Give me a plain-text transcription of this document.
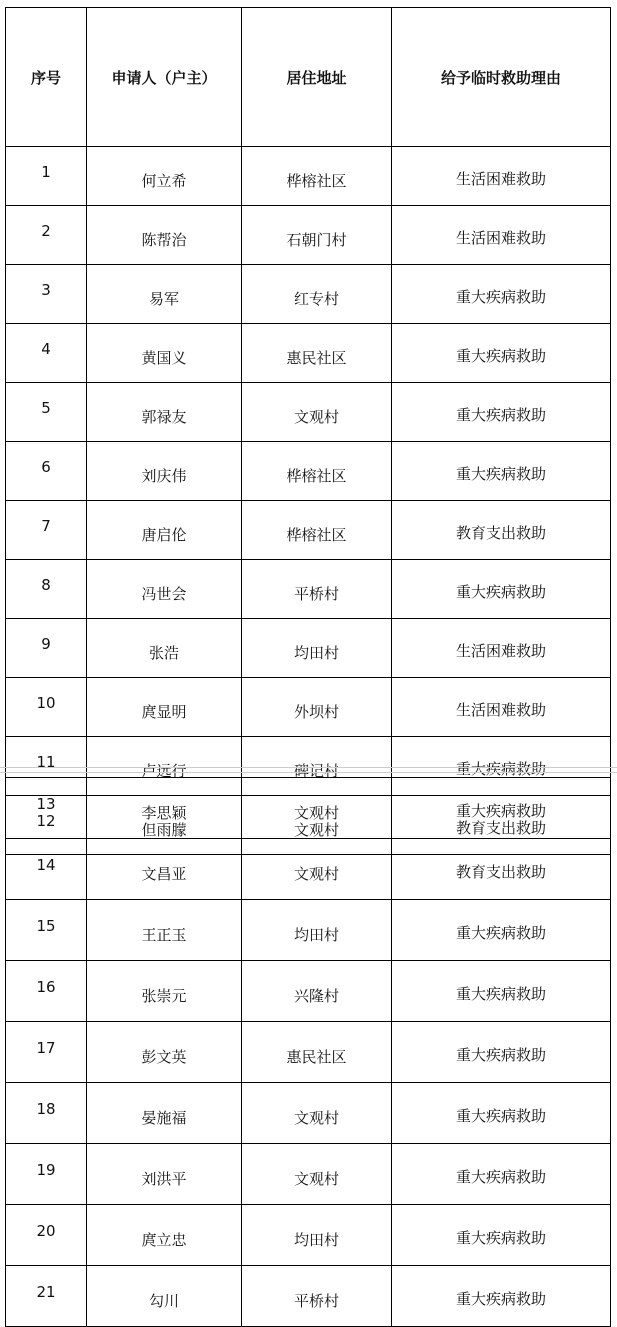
序号	申请人（户主）	居住地址	给予临时救助理由
1	何立希	桦榕社区	生活困难救助
2	陈帮治	石朝门村	生活困难救助
3	易军	红专村	重大疾病救助
4	黄国义	惠民社区	重大疾病救助
5	郭禄友	文观村	重大疾病救助
6	刘庆伟	桦榕社区	重大疾病救助
7	唐启伦	桦榕社区	教育支出救助
8	冯世会	平桥村	重大疾病救助
9	张浩	均田村	生活困难救助
10	庹显明	外坝村	生活困难救助
11	卢远行	碑记村	重大疾病救助
12	但雨朦	文观村	教育支出救助
13	李思颖	文观村	重大疾病救助
14	文昌亚	文观村	教育支出救助
15	王正玉	均田村	重大疾病救助
16	张崇元	兴隆村	重大疾病救助
17	彭文英	惠民社区	重大疾病救助
18	晏施福	文观村	重大疾病救助
19	刘洪平	文观村	重大疾病救助
20	庹立忠	均田村	重大疾病救助
21	勾川	平桥村	重大疾病救助
